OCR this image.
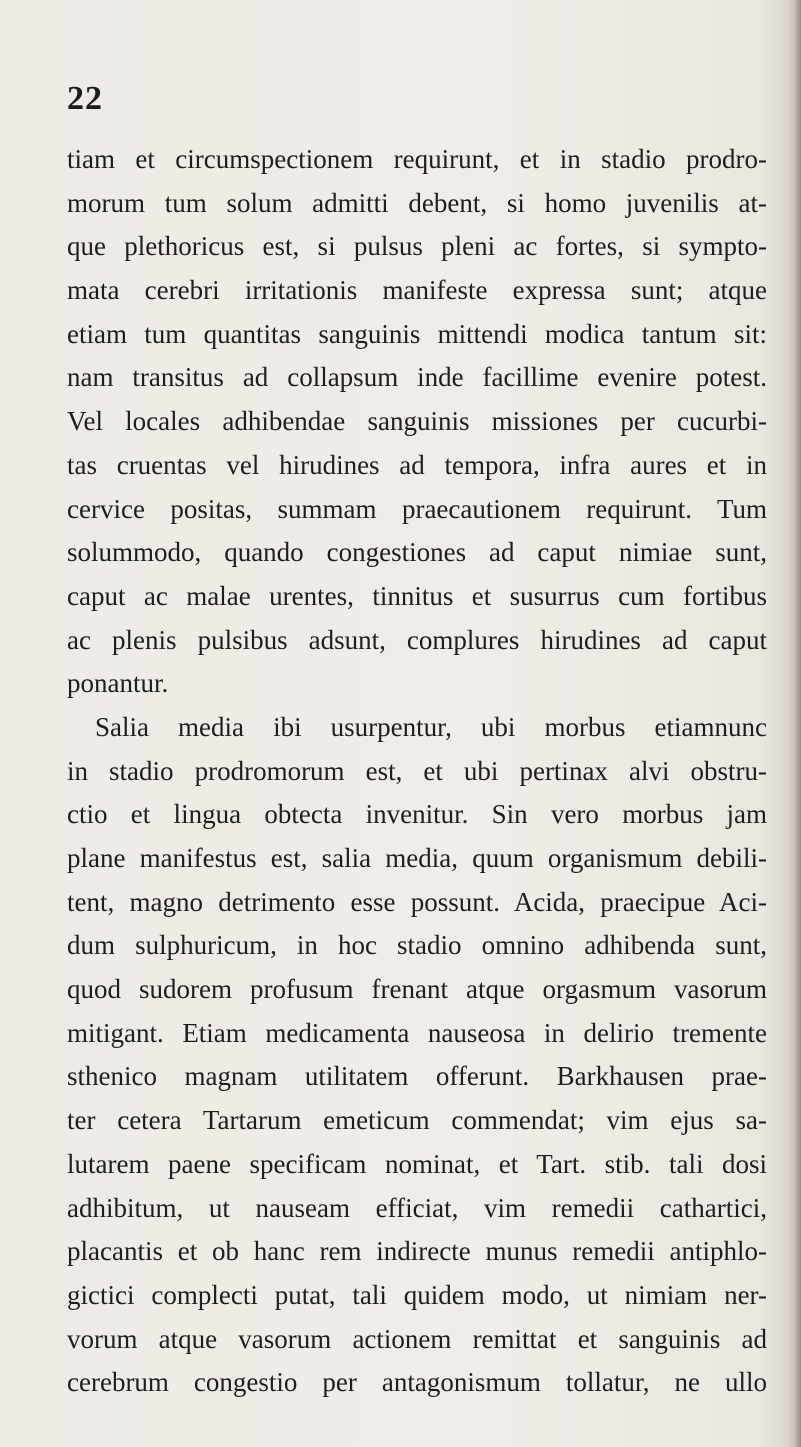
22
tiam et circumspectionem requirunt, et in stadio prodro-
morum tum solum admitti debent, si homo juvenilis at-
que plethoricus est, si pulsus pleni ac fortes, si sympto-
mata cerebri irritationis manifeste expressa sunt; atque
etiam tum quantitas sanguinis mittendi modica tantum sit:
nam transitus ad collapsum inde facillime evenire potest.
Vel locales adhibendae sanguinis missiones per cucurbi-
tas cruentas vel hirudines ad tempora, infra aures et in
cervice positas, summam praecautionem requirunt. Tum
solummodo, quando congestiones ad caput nimiae sunt,
caput ac malae urentes, tinnitus et susurrus cum fortibus
ac plenis pulsibus adsunt, complures hirudines ad caput
ponantur.
Salia media ibi usurpentur, ubi morbus etiamnunc
in stadio prodromorum est, et ubi pertinax alvi obstru-
ctio et lingua obtecta invenitur. Sin vero morbus jam
plane manifestus est, salia media, quum organismum debili-
tent, magno detrimento esse possunt. Acida, praecipue Aci-
dum sulphuricum, in hoc stadio omnino adhibenda sunt,
quod sudorem profusum frenant atque orgasmum vasorum
mitigant. Etiam medicamenta nauseosa in delirio tremente
sthenico magnam utilitatem offerunt. Barkhausen prae-
ter cetera Tartarum emeticum commendat; vim ejus sa-
lutarem paene specificam nominat, et Tart. stib. tali dosi
adhibitum, ut nauseam efficiat, vim remedii cathartici,
placantis et ob hanc rem indirecte munus remedii antiphlo-
gictici complecti putat, tali quidem modo, ut nimiam ner-
vorum atque vasorum actionem remittat et sanguinis ad
cerebrum congestio per antagonismum tollatur, ne ullo
